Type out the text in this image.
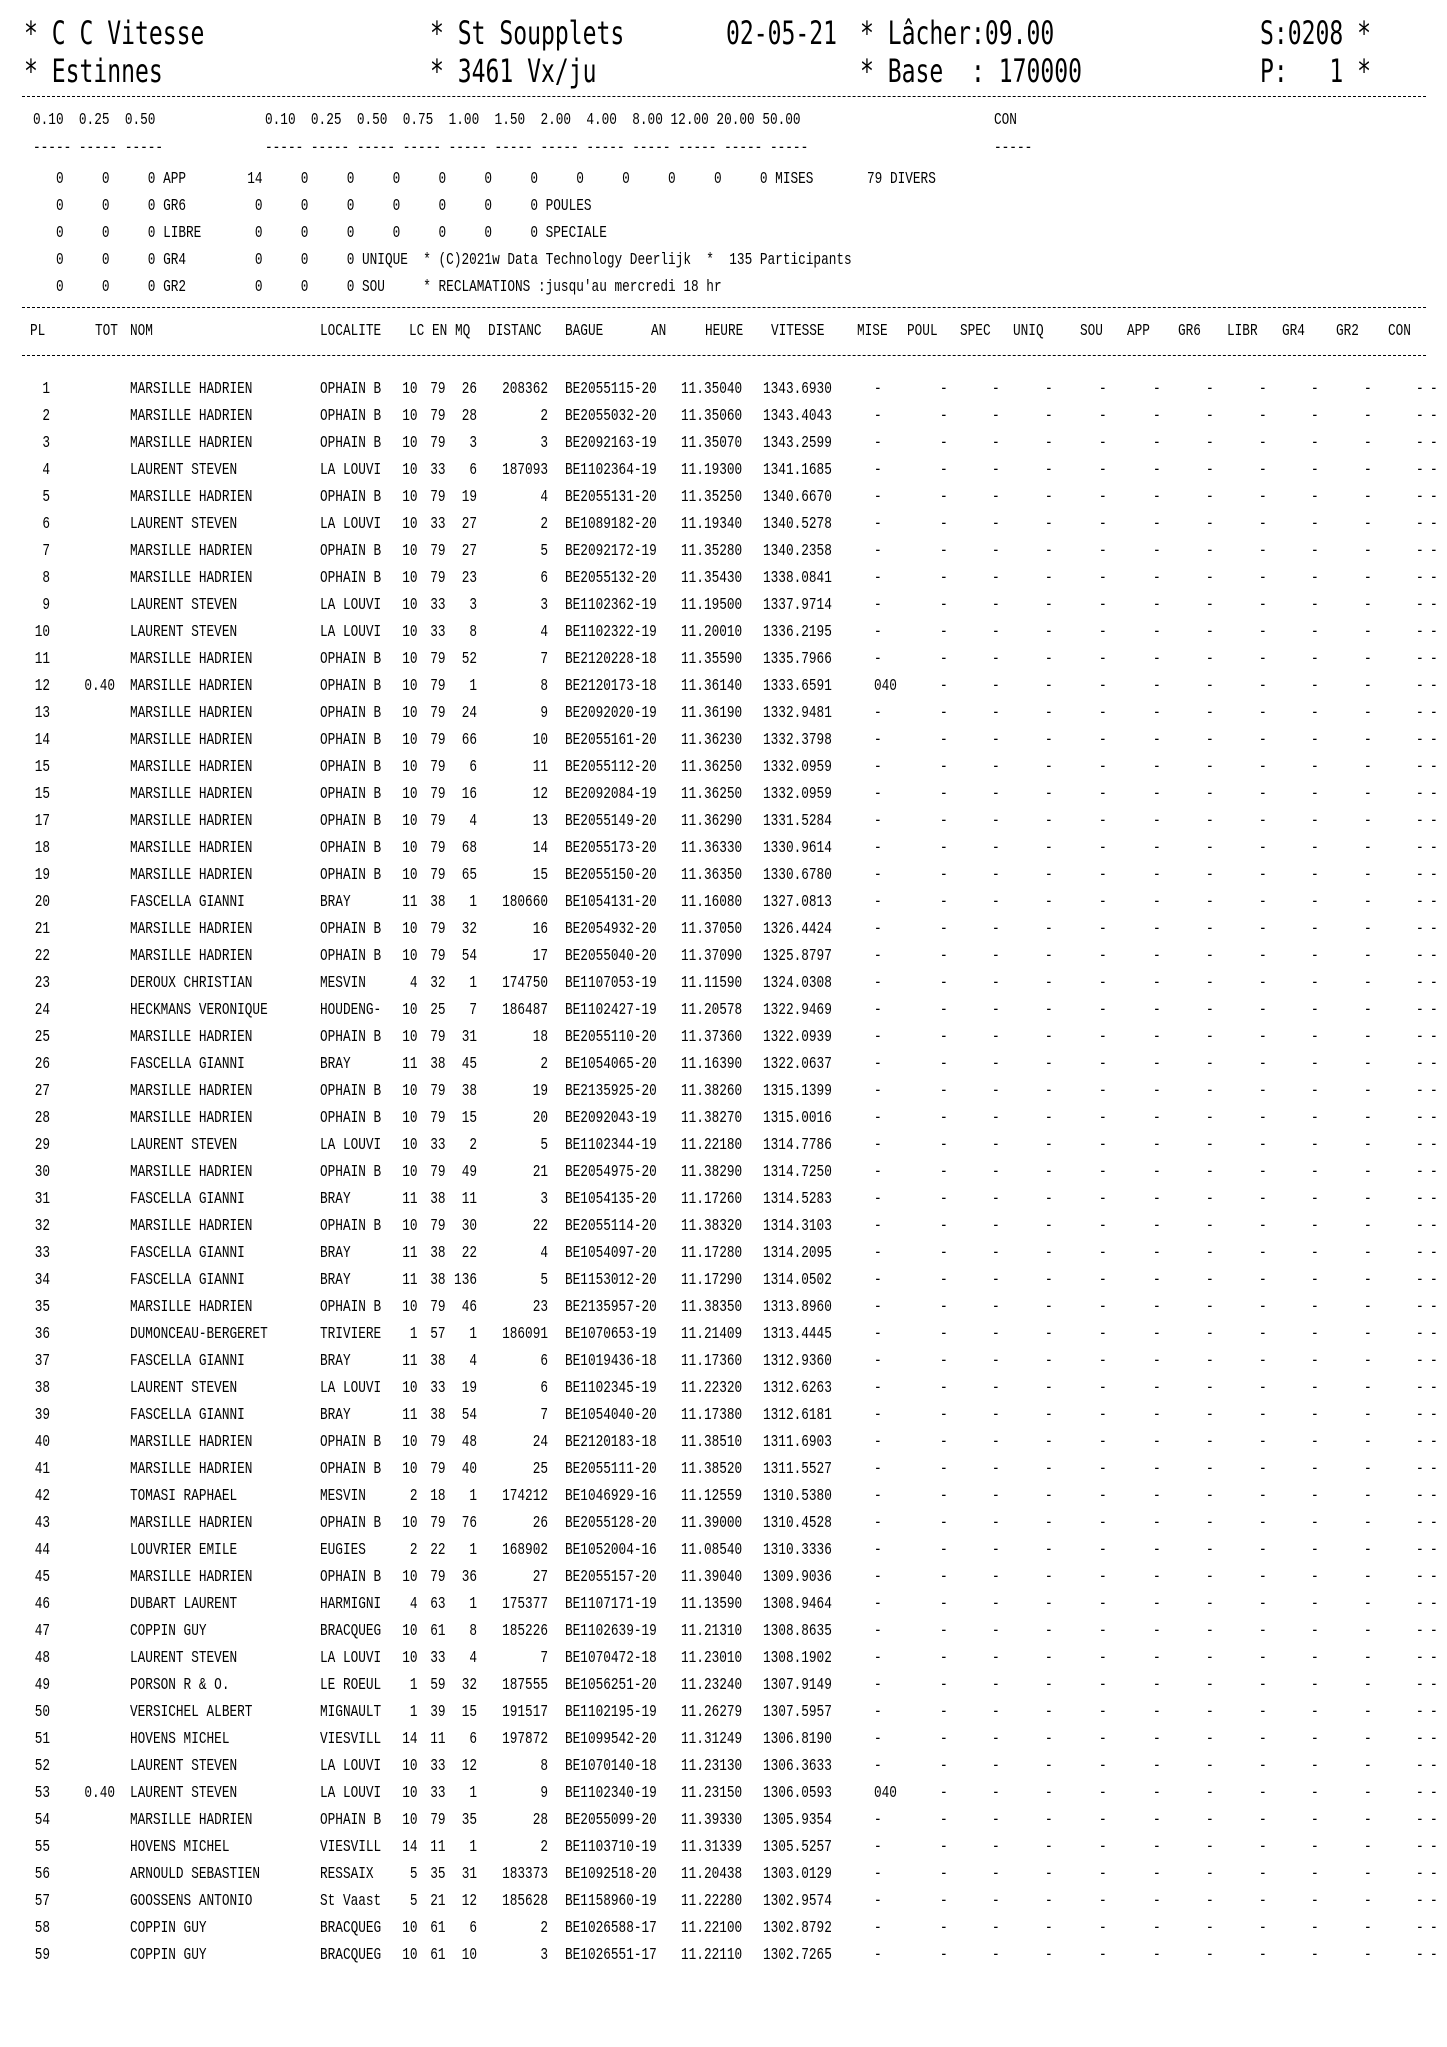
* C C Vitesse
* Estinnes
* St Soupplets
* 3461 Vx/ju
02-05-21 * Lâcher:09.00
* Base  : 170000
S:0208 *
P:   1 *
0.10  0.25  0.50	0.10  0.25  0.50  0.75  1.00  1.50  2.00  4.00  8.00 12.00 20.00 50.00	CON
----- ----- -----	----- ----- ----- ----- ----- ----- ----- ----- ----- ----- ----- -----	-----
0     0     0 APP        14     0     0     0     0     0     0     0     0     0     0     0 MISES       79 DIVERS
0     0     0 GR6         0     0     0     0     0     0     0 POULES
0     0     0 LIBRE       0     0     0     0     0     0     0 SPECIALE
0     0     0 GR4         0     0     0 UNIQUE  * (C)2021w Data Technology Deerlijk  *  135 Participants
0     0     0 GR2         0     0     0 SOU     * RECLAMATIONS :jusqu'au mercredi 18 hr
PL	TOT NOM	LOCALITE LC EN MQ DISTANC BAGUE	AN HEURE VITESSE MISE POUL SPEC UNIQ SOU APP GR6 LIBR GR4 GR2 CON
1	MARSILLE HADRIEN	OPHAIN B 10 79 26	208362 BE2055115-20 11.35040 1343.6930 -	-	-	-	-	-	-	-	-	-	- -
2	MARSILLE HADRIEN	OPHAIN B 10 79 28	2 BE2055032-20 11.35060 1343.4043 -	-	-	-	-	-	-	-	-	-	- -
3	MARSILLE HADRIEN	OPHAIN B 10 79	3	3 BE2092163-19 11.35070 1343.2599 -	-	-	-	-	-	-	-	-	-	- -
4	LAURENT STEVEN	LA LOUVI 10 33	6	187093 BE1102364-19 11.19300 1341.1685 -	-	-	-	-	-	-	-	-	-	- -
5	MARSILLE HADRIEN	OPHAIN B 10 79 19	4 BE2055131-20 11.35250 1340.6670 -	-	-	-	-	-	-	-	-	-	- -
6	LAURENT STEVEN	LA LOUVI 10 33 27	2 BE1089182-20 11.19340 1340.5278 -	-	-	-	-	-	-	-	-	-	- -
7	MARSILLE HADRIEN	OPHAIN B 10 79 27	5 BE2092172-19 11.35280 1340.2358 -	-	-	-	-	-	-	-	-	-	- -
8	MARSILLE HADRIEN	OPHAIN B 10 79 23	6 BE2055132-20 11.35430 1338.0841 -	-	-	-	-	-	-	-	-	-	- -
9	LAURENT STEVEN	LA LOUVI 10 33	3	3 BE1102362-19 11.19500 1337.9714 -	-	-	-	-	-	-	-	-	-	- -
10	LAURENT STEVEN	LA LOUVI 10 33	8	4 BE1102322-19 11.20010 1336.2195 -	-	-	-	-	-	-	-	-	-	- -
11	MARSILLE HADRIEN	OPHAIN B 10 79 52	7 BE2120228-18 11.35590 1335.7966 -	-	-	-	-	-	-	-	-	-	- -
12 0.40 MARSILLE HADRIEN	OPHAIN B 10 79	1	8 BE2120173-18 11.36140 1333.6591 040	-	-	-	-	-	-	-	-	-	- -
13	MARSILLE HADRIEN	OPHAIN B 10 79 24	9 BE2092020-19 11.36190 1332.9481 -	-	-	-	-	-	-	-	-	-	- -
14	MARSILLE HADRIEN	OPHAIN B 10 79 66	10 BE2055161-20 11.36230 1332.3798 -	-	-	-	-	-	-	-	-	-	- -
15	MARSILLE HADRIEN	OPHAIN B 10 79	6	11 BE2055112-20 11.36250 1332.0959 -	-	-	-	-	-	-	-	-	-	- -
15	MARSILLE HADRIEN	OPHAIN B 10 79 16	12 BE2092084-19 11.36250 1332.0959 -	-	-	-	-	-	-	-	-	-	- -
17	MARSILLE HADRIEN	OPHAIN B 10 79	4	13 BE2055149-20 11.36290 1331.5284 -	-	-	-	-	-	-	-	-	-	- -
18	MARSILLE HADRIEN	OPHAIN B 10 79 68	14 BE2055173-20 11.36330 1330.9614 -	-	-	-	-	-	-	-	-	-	- -
19	MARSILLE HADRIEN	OPHAIN B 10 79 65	15 BE2055150-20 11.36350 1330.6780 -	-	-	-	-	-	-	-	-	-	- -
20	FASCELLA GIANNI	BRAY	11 38	1	180660 BE1054131-20 11.16080 1327.0813 -	-	-	-	-	-	-	-	-	-	- -
21	MARSILLE HADRIEN	OPHAIN B 10 79 32	16 BE2054932-20 11.37050 1326.4424 -	-	-	-	-	-	-	-	-	-	- -
22	MARSILLE HADRIEN	OPHAIN B 10 79 54	17 BE2055040-20 11.37090 1325.8797 -	-	-	-	-	-	-	-	-	-	- -
23	DEROUX CHRISTIAN	MESVIN	4 32	1	174750 BE1107053-19 11.11590 1324.0308 -	-	-	-	-	-	-	-	-	-	- -
24	HECKMANS VERONIQUE	HOUDENG- 10 25	7	186487 BE1102427-19 11.20578 1322.9469 -	-	-	-	-	-	-	-	-	-	- -
25	MARSILLE HADRIEN	OPHAIN B 10 79 31	18 BE2055110-20 11.37360 1322.0939 -	-	-	-	-	-	-	-	-	-	- -
26	FASCELLA GIANNI	BRAY	11 38 45	2 BE1054065-20 11.16390 1322.0637 -	-	-	-	-	-	-	-	-	-	- -
27	MARSILLE HADRIEN	OPHAIN B 10 79 38	19 BE2135925-20 11.38260 1315.1399 -	-	-	-	-	-	-	-	-	-	- -
28	MARSILLE HADRIEN	OPHAIN B 10 79 15	20 BE2092043-19 11.38270 1315.0016 -	-	-	-	-	-	-	-	-	-	- -
29	LAURENT STEVEN	LA LOUVI 10 33	2	5 BE1102344-19 11.22180 1314.7786 -	-	-	-	-	-	-	-	-	-	- -
30	MARSILLE HADRIEN	OPHAIN B 10 79 49	21 BE2054975-20 11.38290 1314.7250 -	-	-	-	-	-	-	-	-	-	- -
31	FASCELLA GIANNI	BRAY	11 38 11	3 BE1054135-20 11.17260 1314.5283 -	-	-	-	-	-	-	-	-	-	- -
32	MARSILLE HADRIEN	OPHAIN B 10 79 30	22 BE2055114-20 11.38320 1314.3103 -	-	-	-	-	-	-	-	-	-	- -
33	FASCELLA GIANNI	BRAY	11 38 22	4 BE1054097-20 11.17280 1314.2095 -	-	-	-	-	-	-	-	-	-	- -
34	FASCELLA GIANNI	BRAY	11 38 136	5 BE1153012-20 11.17290 1314.0502 -	-	-	-	-	-	-	-	-	-	- -
35	MARSILLE HADRIEN	OPHAIN B 10 79 46	23 BE2135957-20 11.38350 1313.8960 -	-	-	-	-	-	-	-	-	-	- -
36	DUMONCEAU-BERGERET	TRIVIERE	1 57	1	186091 BE1070653-19 11.21409 1313.4445 -	-	-	-	-	-	-	-	-	-	- -
37	FASCELLA GIANNI	BRAY	11 38	4	6 BE1019436-18 11.17360 1312.9360 -	-	-	-	-	-	-	-	-	-	- -
38	LAURENT STEVEN	LA LOUVI 10 33 19	6 BE1102345-19 11.22320 1312.6263 -	-	-	-	-	-	-	-	-	-	- -
39	FASCELLA GIANNI	BRAY	11 38 54	7 BE1054040-20 11.17380 1312.6181 -	-	-	-	-	-	-	-	-	-	- -
40	MARSILLE HADRIEN	OPHAIN B 10 79 48	24 BE2120183-18 11.38510 1311.6903 -	-	-	-	-	-	-	-	-	-	- -
41	MARSILLE HADRIEN	OPHAIN B 10 79 40	25 BE2055111-20 11.38520 1311.5527 -	-	-	-	-	-	-	-	-	-	- -
42	TOMASI RAPHAEL	MESVIN	2 18	1	174212 BE1046929-16 11.12559 1310.5380 -	-	-	-	-	-	-	-	-	-	- -
43	MARSILLE HADRIEN	OPHAIN B 10 79 76	26 BE2055128-20 11.39000 1310.4528 -	-	-	-	-	-	-	-	-	-	- -
44	LOUVRIER EMILE	EUGIES	2 22	1	168902 BE1052004-16 11.08540 1310.3336 -	-	-	-	-	-	-	-	-	-	- -
45	MARSILLE HADRIEN	OPHAIN B 10 79 36	27 BE2055157-20 11.39040 1309.9036 -	-	-	-	-	-	-	-	-	-	- -
46	DUBART LAURENT	HARMIGNI	4 63	1	175377 BE1107171-19 11.13590 1308.9464 -	-	-	-	-	-	-	-	-	-	- -
47	COPPIN GUY	BRACQUEG 10 61	8	185226 BE1102639-19 11.21310 1308.8635 -	-	-	-	-	-	-	-	-	-	- -
48	LAURENT STEVEN	LA LOUVI 10 33	4	7 BE1070472-18 11.23010 1308.1902 -	-	-	-	-	-	-	-	-	-	- -
49	PORSON R & O.	LE ROEUL	1 59 32	187555 BE1056251-20 11.23240 1307.9149 -	-	-	-	-	-	-	-	-	-	- -
50	VERSICHEL ALBERT	MIGNAULT	1 39 15	191517 BE1102195-19 11.26279 1307.5957 -	-	-	-	-	-	-	-	-	-	- -
51	HOVENS MICHEL	VIESVILL 14 11	6	197872 BE1099542-20 11.31249 1306.8190 -	-	-	-	-	-	-	-	-	-	- -
52	LAURENT STEVEN	LA LOUVI 10 33 12	8 BE1070140-18 11.23130 1306.3633 -	-	-	-	-	-	-	-	-	-	- -
53 0.40 LAURENT STEVEN	LA LOUVI 10 33	1	9 BE1102340-19 11.23150 1306.0593 040	-	-	-	-	-	-	-	-	-	- -
54	MARSILLE HADRIEN	OPHAIN B 10 79 35	28 BE2055099-20 11.39330 1305.9354 -	-	-	-	-	-	-	-	-	-	- -
55	HOVENS MICHEL	VIESVILL 14 11	1	2 BE1103710-19 11.31339 1305.5257 -	-	-	-	-	-	-	-	-	-	- -
56	ARNOULD SEBASTIEN	RESSAIX	5 35 31	183373 BE1092518-20 11.20438 1303.0129 -	-	-	-	-	-	-	-	-	-	- -
57	GOOSSENS ANTONIO	St Vaast	5 21 12	185628 BE1158960-19 11.22280 1302.9574 -	-	-	-	-	-	-	-	-	-	- -
58	COPPIN GUY	BRACQUEG 10 61	6	2 BE1026588-17 11.22100 1302.8792 -	-	-	-	-	-	-	-	-	-	- -
59	COPPIN GUY	BRACQUEG 10 61 10	3 BE1026551-17 11.22110 1302.7265 -	-	-	-	-	-	-	-	-	-	- -
